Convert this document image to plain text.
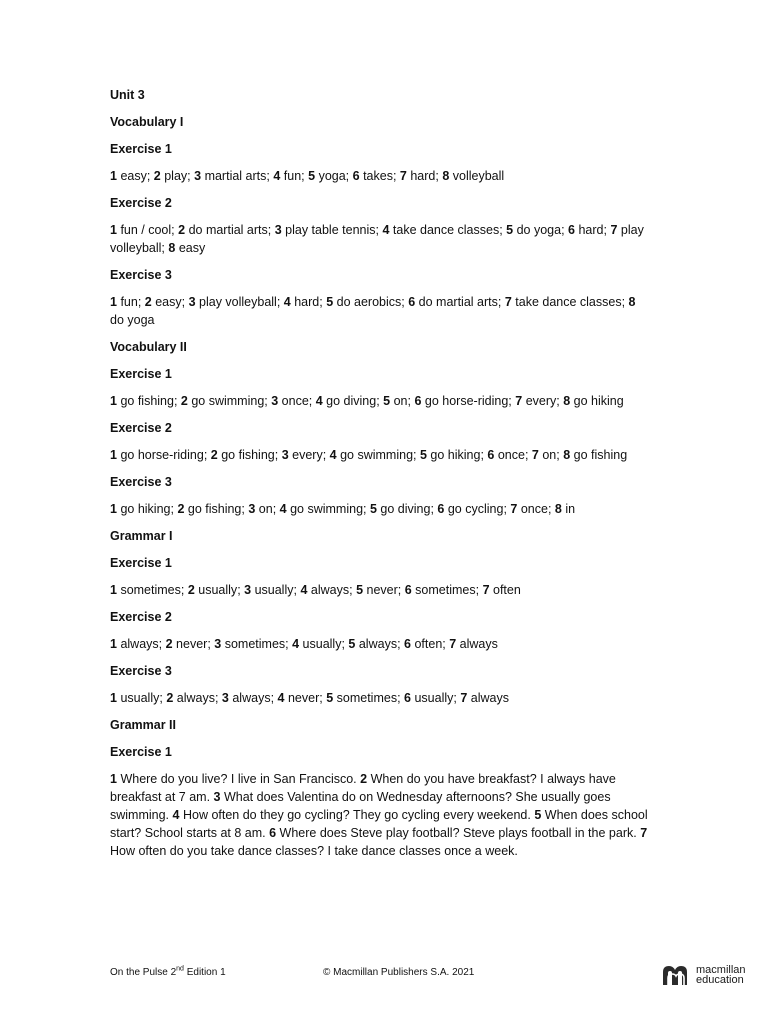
Unit 3
Vocabulary I
Exercise 1
1 easy; 2 play; 3 martial arts; 4 fun; 5 yoga; 6 takes; 7 hard; 8 volleyball
Exercise 2
1 fun / cool; 2 do martial arts; 3 play table tennis; 4 take dance classes; 5 do yoga; 6 hard; 7 play volleyball; 8 easy
Exercise 3
1 fun; 2 easy; 3 play volleyball; 4 hard; 5 do aerobics; 6 do martial arts; 7 take dance classes; 8 do yoga
Vocabulary II
Exercise 1
1 go fishing; 2 go swimming; 3 once; 4 go diving; 5 on; 6 go horse-riding; 7 every; 8 go hiking
Exercise 2
1 go horse-riding; 2 go fishing; 3 every; 4 go swimming; 5 go hiking; 6 once; 7 on; 8 go fishing
Exercise 3
1 go hiking; 2 go fishing; 3 on; 4 go swimming; 5 go diving; 6 go cycling; 7 once; 8 in
Grammar I
Exercise 1
1 sometimes; 2 usually; 3 usually; 4 always; 5 never; 6 sometimes; 7 often
Exercise 2
1 always; 2 never; 3 sometimes; 4 usually; 5 always; 6 often; 7 always
Exercise 3
1 usually; 2 always; 3 always; 4 never; 5 sometimes; 6 usually; 7 always
Grammar II
Exercise 1
1 Where do you live? I live in San Francisco. 2 When do you have breakfast? I always have breakfast at 7 am. 3 What does Valentina do on Wednesday afternoons? She usually goes swimming. 4 How often do they go cycling? They go cycling every weekend. 5 When does school start? School starts at 8 am. 6 Where does Steve play football? Steve plays football in the park. 7 How often do you take dance classes? I take dance classes once a week.
On the Pulse 2nd Edition 1	© Macmillan Publishers S.A. 2021	macmillan
education
